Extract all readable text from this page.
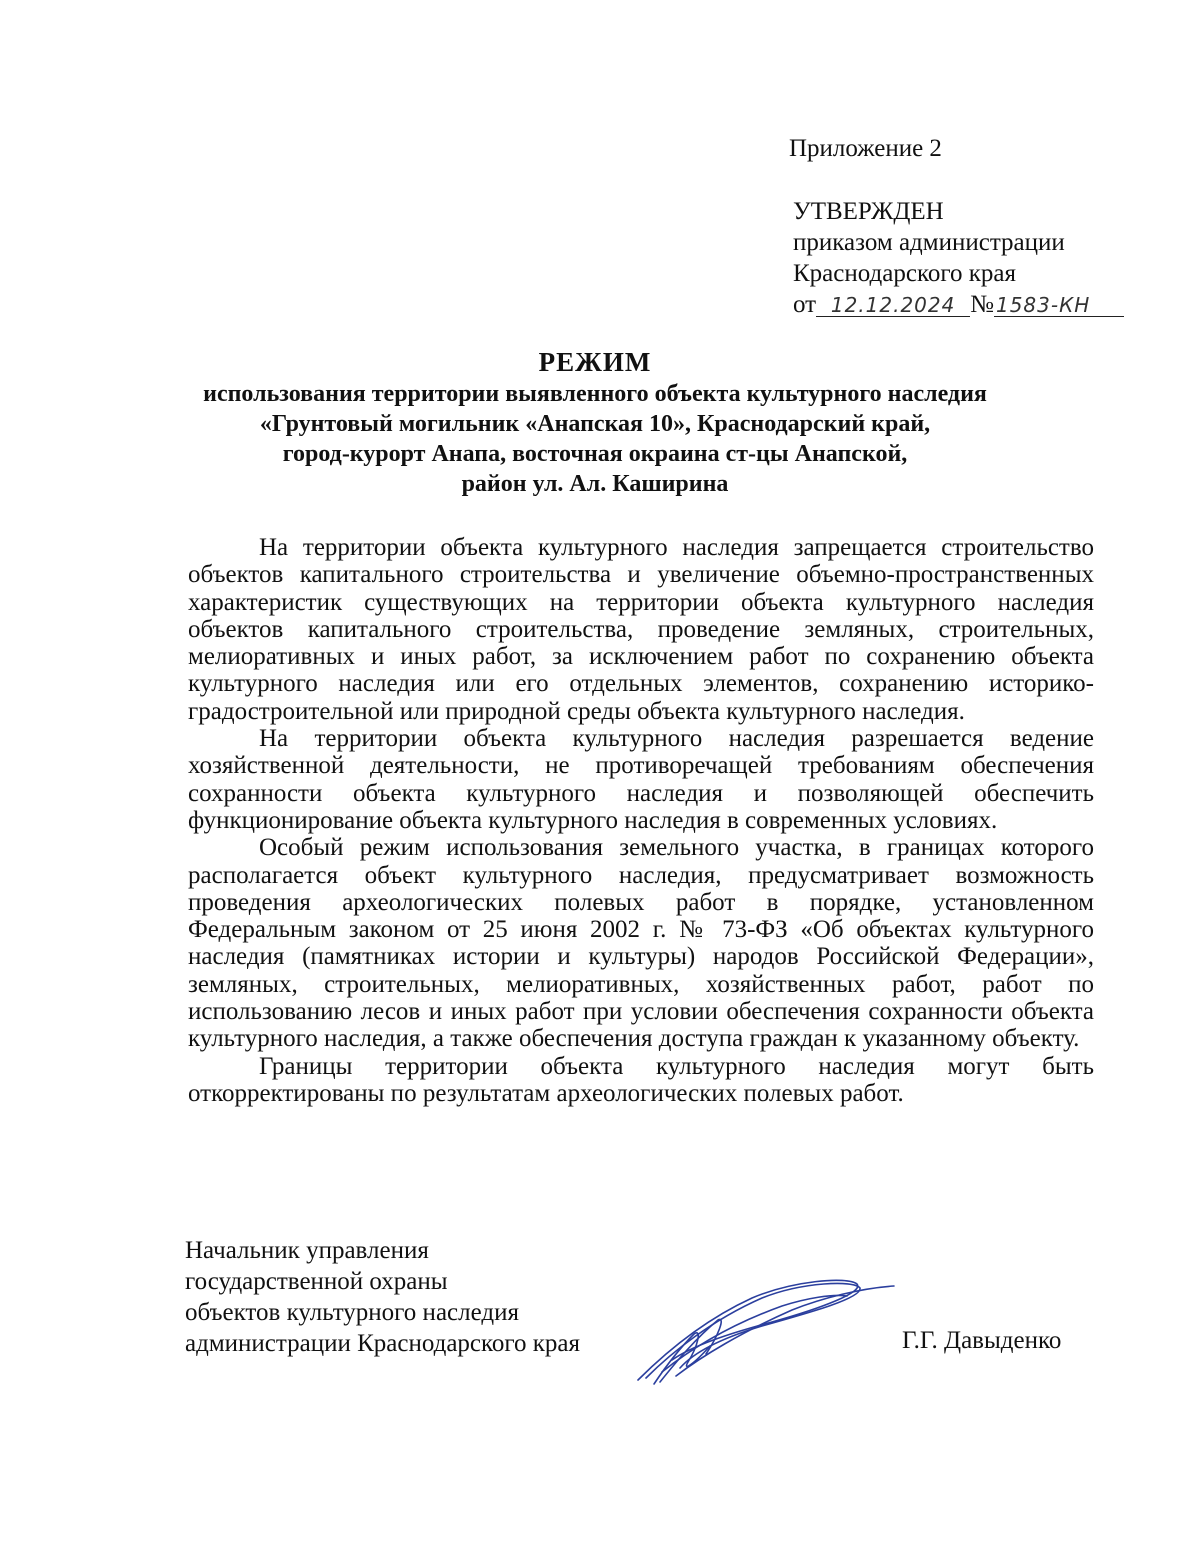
Приложение 2
УТВЕРЖДЕН
приказом администрации
Краснодарского края
от 12.12.2024 № 1583-КН
РЕЖИМ
использования территории выявленного объекта культурного наследия
«Грунтовый могильник «Анапская 10», Краснодарский край,
город-курорт Анапа, восточная окраина ст-цы Анапской,
район ул. Ал. Каширина

На территории объекта культурного наследия запрещается строительство объектов капитального строительства и увеличение объемно-пространственных характеристик существующих на территории объекта культурного наследия объектов капитального строительства, проведение земляных, строительных, мелиоративных и иных работ, за исключением работ по сохранению объекта культурного наследия или его отдельных элементов, сохранению историко-градостроительной или природной среды объекта культурного наследия.

На территории объекта культурного наследия разрешается ведение хозяйственной деятельности, не противоречащей требованиям обеспечения сохранности объекта культурного наследия и позволяющей обеспечить функционирование объекта культурного наследия в современных условиях.

Особый режим использования земельного участка, в границах которого располагается объект культурного наследия, предусматривает возможность проведения археологических полевых работ в порядке, установленном Федеральным законом от 25 июня 2002 г. № 73-ФЗ «Об объектах культурного наследия (памятниках истории и культуры) народов Российской Федерации», земляных, строительных, мелиоративных, хозяйственных работ, работ по использованию лесов и иных работ при условии обеспечения сохранности объекта культурного наследия, а также обеспечения доступа граждан к указанному объекту.

Границы территории объекта культурного наследия могут быть откорректированы по результатам археологических полевых работ.

Начальник управления
государственной охраны
объектов культурного наследия
администрации Краснодарского края	Г.Г. Давыденко
